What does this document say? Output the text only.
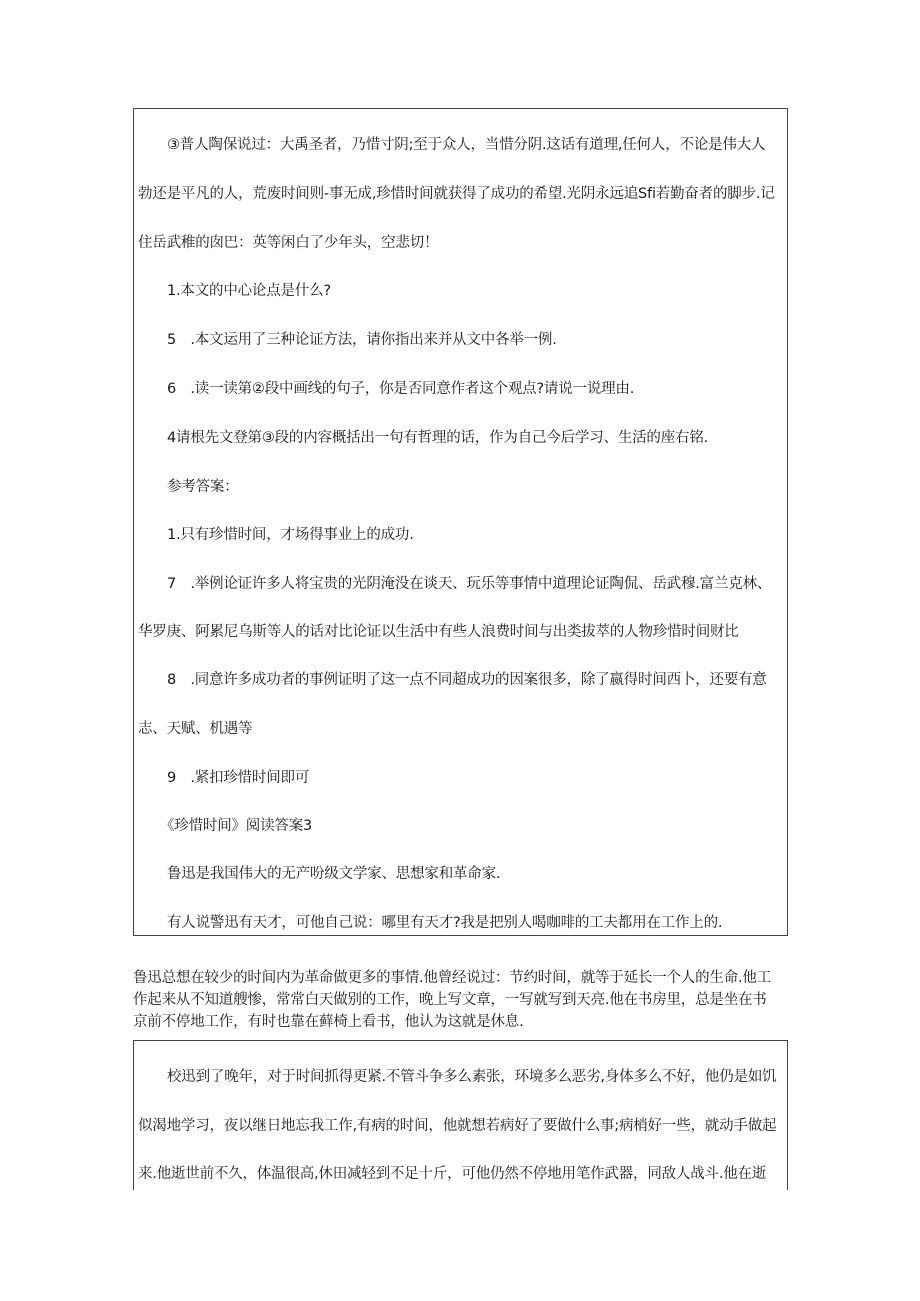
③普人陶保说过：大禹圣者，乃惜寸阴;至于众人，当惜分阴.这话有道理,任何人，不论是伟大人
勃还是平凡的人，荒废时间则-事无成,珍惜时间就获得了成功的希望.光阴永远追Sfi若勤奋者的脚步.记
住岳武稚的囱巴：英等闲白了少年头，空悲切！
1.本文的中心论点是什么?
5　.本文运用了三种论证方法，请你指出来并从文中各举一例.
6　.读一读第②段中画线的句子，你是否同意作者这个观点?请说一说理由.
4请根先文登第③段的内容概括出一句有哲理的话，作为自己今后学习、生活的座右铭.
参考答案：
1.只有珍惜时间，才场得事业上的成功.
7　.举例论证许多人将宝贵的光阴淹没在谈天、玩乐等事情中道理论证陶侃、岳武穆.富兰克林、
华罗庚、阿累尼乌斯等人的话对比论证以生活中有些人浪费时间与出类拔萃的人物珍惜时间财比
8　.同意许多成功者的事例证明了这一点不同超成功的因案很多，除了嬴得时间西卜，还要有意
志、天赋、机遇等
9　.紧扣珍惜时间即可
《珍惜时间》阅读答案3
鲁迅是我国伟大的无产吩级文学家、思想家和革命家.
有人说警迅有天才，可他自己说：哪里有天才?我是把别人喝咖啡的工夫都用在工作上的.
鲁迅总想在较少的时间内为革命做更多的事情.他曾经说过：节约时间，就等于延长一个人的生命.他工
作起来从不知道艘惨，常常白天做别的工作，晚上写文章，一写就写到天亮.他在书房里，总是坐在书
京前不停地工作，有时也靠在藓椅上看书，他认为这就是休息.
校迅到了晚年，对于时间抓得更紧.不管斗争多么素张，环境多么恶劣,身体多么不好，他仍是如饥
似渴地学习，夜以继日地忘我工作,有病的时间，他就想若病好了要做什么事;病梢好一些，就动手做起
来.他逝世前不久，体温很高,休田减轻到不足十斤，可他仍然不停地用笔作武器，同敌人战斗.他在逝
